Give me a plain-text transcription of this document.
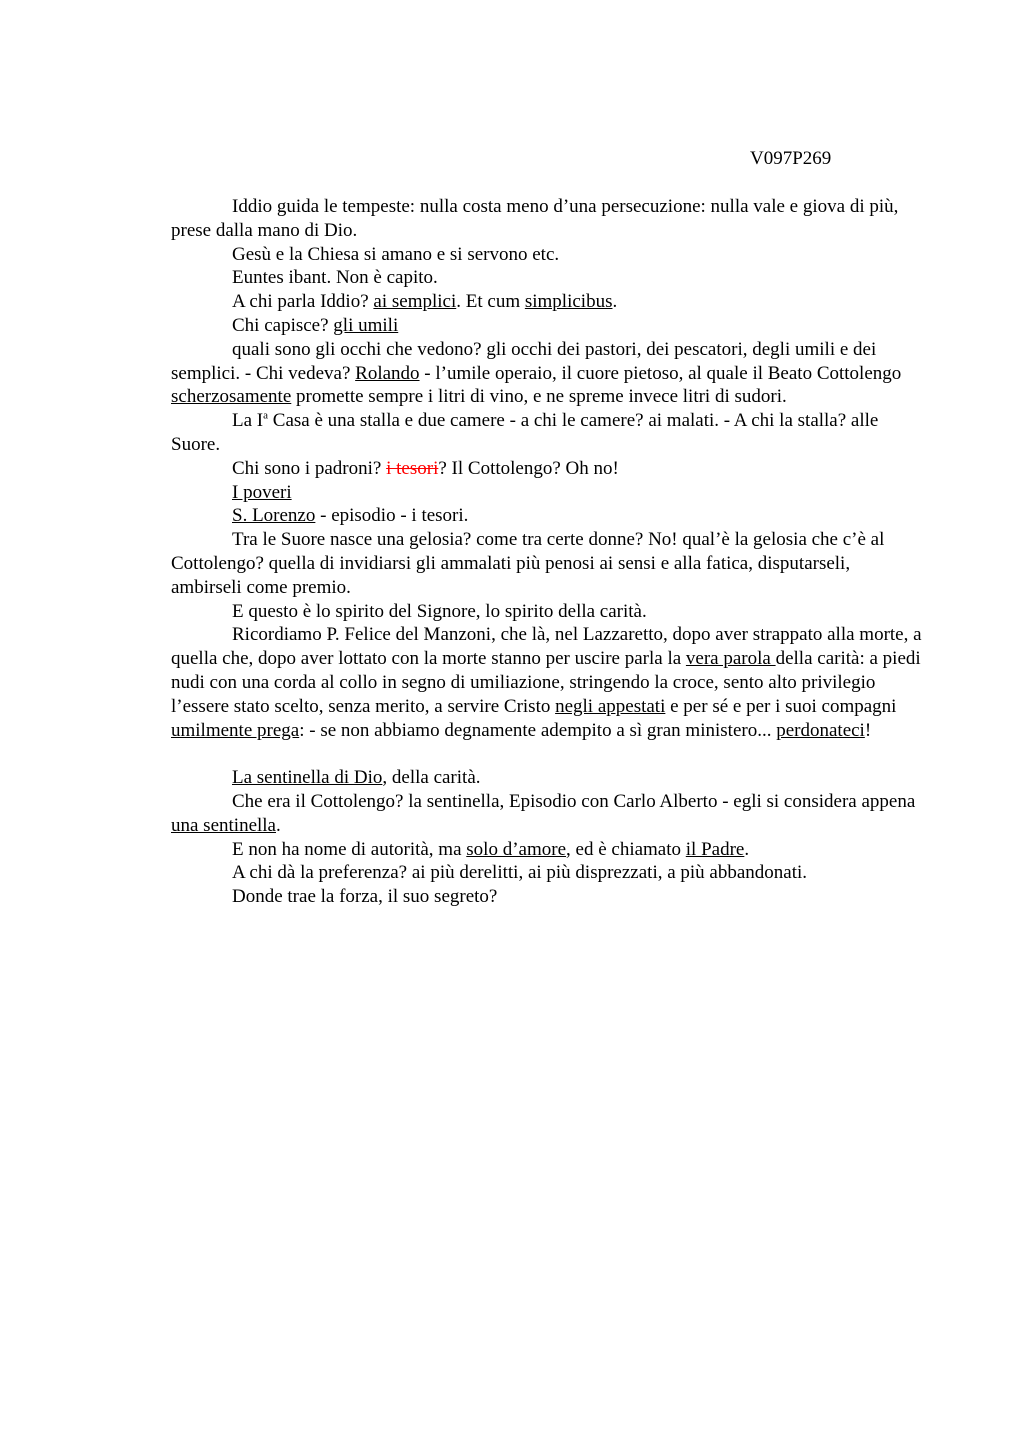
V097P269

Iddio guida le tempeste: nulla costa meno d’una persecuzione: nulla vale e giova di più, prese dalla mano di Dio.

Gesù e la Chiesa si amano e si servono etc.

Euntes ibant. Non è capito.

A chi parla Iddio? ai semplici. Et cum simplicibus.

Chi capisce? gli umili

quali sono gli occhi che vedono? gli occhi dei pastori, dei pescatori, degli umili e dei semplici. - Chi vedeva? Rolando - l’umile operaio, il cuore pietoso, al quale il Beato Cottolengo scherzosamente promette sempre i litri di vino, e ne spreme invece litri di sudori.

La $I^a$ Casa è una stalla e due camere - a chi le camere? ai malati. - A chi la stalla? alle Suore.

Chi sono i padroni? i tesori? Il Cottolengo? Oh no!

I poveri

S. Lorenzo - episodio - i tesori.

Tra le Suore nasce una gelosia? come tra certe donne? No! qual’è la gelosia che c’è al Cottolengo? quella di invidiarsi gli ammalati più penosi ai sensi e alla fatica, disputarseli, ambirseli come premio.

E questo è lo spirito del Signore, lo spirito della carità.

Ricordiamo P. Felice del Manzoni, che là, nel Lazzaretto, dopo aver strappato alla morte, a quella che, dopo aver lottato con la morte stanno per uscire parla la vera parola della carità: a piedi nudi con una corda al collo in segno di umiliazione, stringendo la croce, sento alto privilegio l’essere stato scelto, senza merito, a servire Cristo negli appestati e per sé e per i suoi compagni umilmente prega: - se non abbiamo degnamente adempito a sì gran ministero... perdonateci!

La sentinella di Dio, della carità.

Che era il Cottolengo? la sentinella, Episodio con Carlo Alberto - egli si considera appena una sentinella.

E non ha nome di autorità, ma solo d’amore, ed è chiamato il Padre.

A chi dà la preferenza? ai più derelitti, ai più disprezzati, a più abbandonati.

Donde trae la forza, il suo segreto?
